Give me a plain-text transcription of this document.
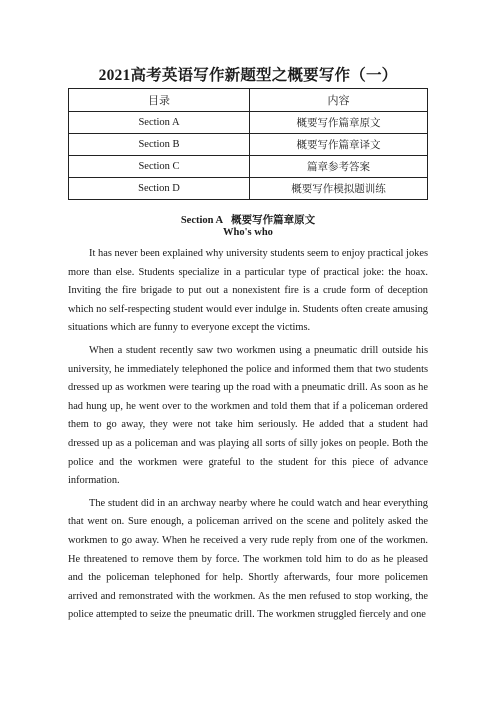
2021高考英语写作新题型之概要写作（一）
目录	内容
Section A	概要写作篇章原文
Section B	概要写作篇章译文
Section C	篇章参考答案
Section D	概要写作模拟题训练
Section A 概要写作篇章原文
Who's who

It has never been explained why university students seem to enjoy practical jokes more than else. Students specialize in a particular type of practical joke: the hoax. Inviting the fire brigade to put out a nonexistent fire is a crude form of deception which no self-respecting student would ever indulge in. Students often create amusing situations which are funny to everyone except the victims.

When a student recently saw two workmen using a pneumatic drill outside his university, he immediately telephoned the police and informed them that two students dressed up as workmen were tearing up the road with a pneumatic drill. As soon as he had hung up, he went over to the workmen and told them that if a policeman ordered them to go away, they were not take him seriously. He added that a student had dressed up as a policeman and was playing all sorts of silly jokes on people. Both the police and the workmen were grateful to the student for this piece of advance information.

The student did in an archway nearby where he could watch and hear everything that went on. Sure enough, a policeman arrived on the scene and politely asked the workmen to go away. When he received a very rude reply from one of the workmen. He threatened to remove them by force. The workmen told him to do as he pleased and the policeman telephoned for help. Shortly afterwards, four more policemen arrived and remonstrated with the workmen. As the men refused to stop working, the police attempted to seize the pneumatic drill. The workmen struggled fiercely and one
